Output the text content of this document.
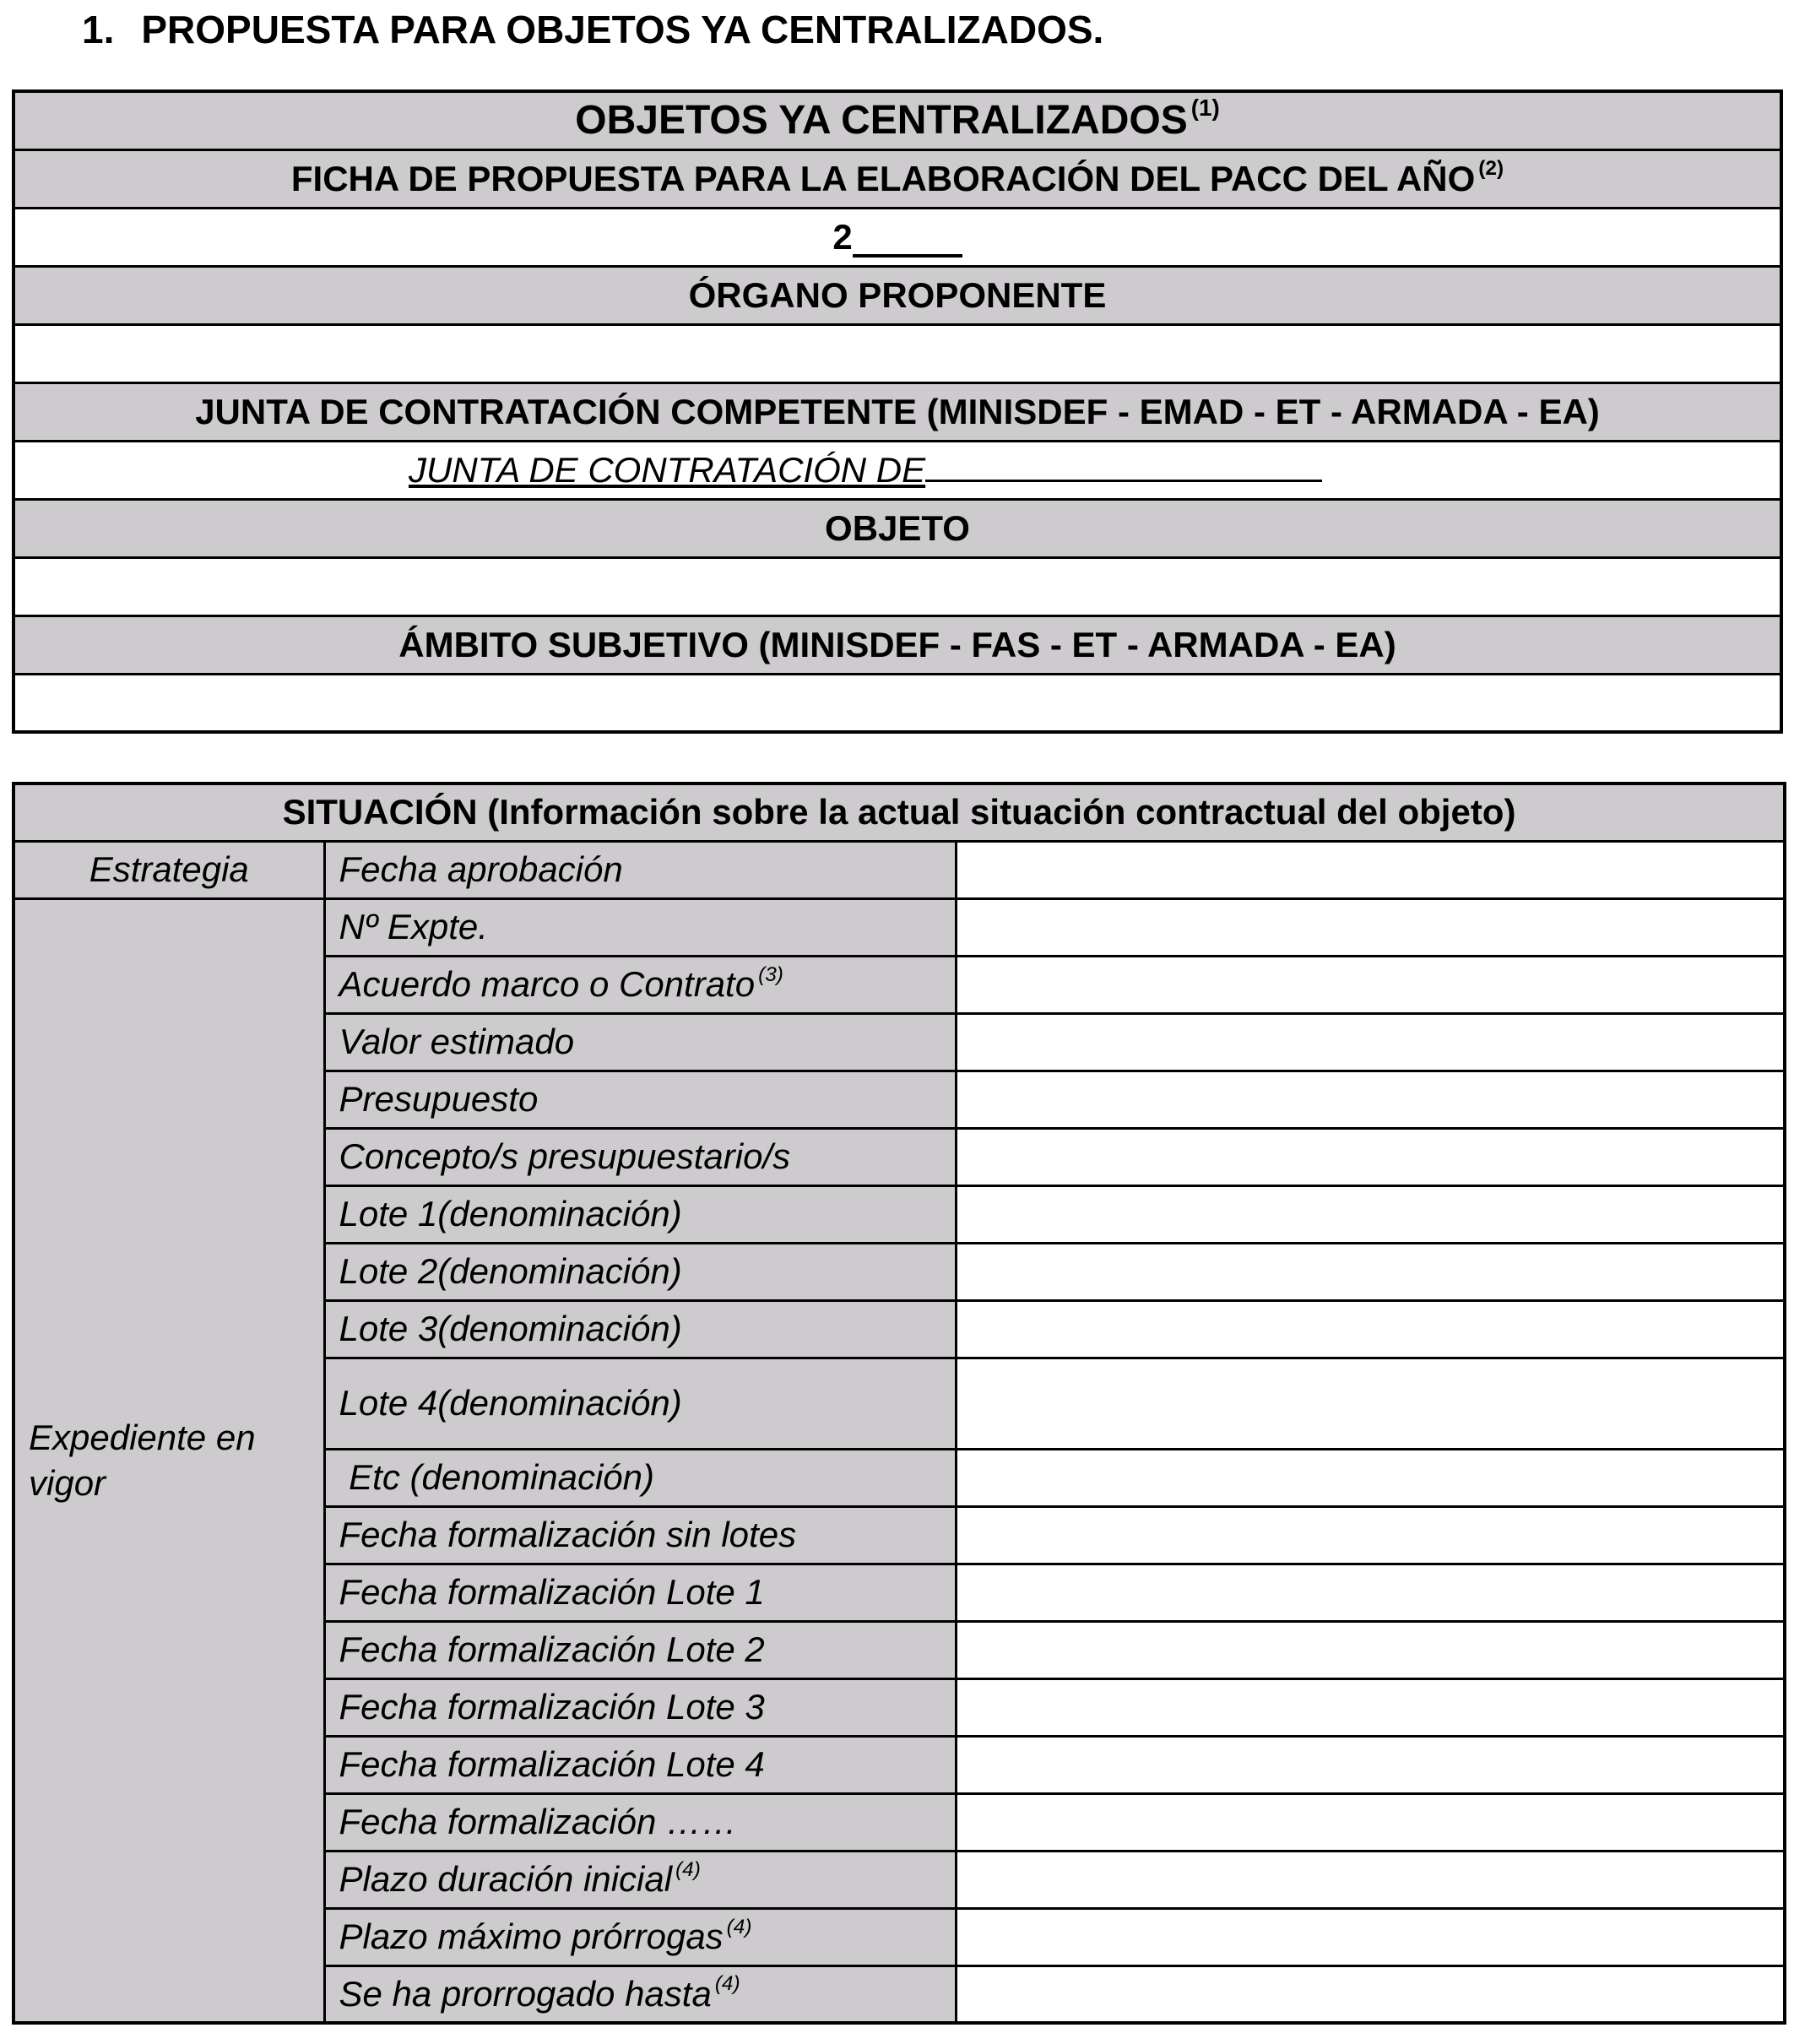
1. PROPUESTA PARA OBJETOS YA CENTRALIZADOS.
OBJETOS YA CENTRALIZADOS $^{(1)}$
FICHA DE PROPUESTA PARA LA ELABORACIÓN DEL PACC DEL AÑO $^{(2)}$
2
ÓRGANO PROPONENTE

JUNTA DE CONTRATACIÓN COMPETENTE (MINISDEF - EMAD - ET - ARMADA - EA)
JUNTA DE CONTRATACIÓN DE
OBJETO

ÁMBITO SUBJETIVO (MINISDEF - FAS - ET - ARMADA - EA)

SITUACIÓN (Información sobre la actual situación contractual del objeto)		
Estrategia	Fecha aprobación	
Expediente en vigor	Nº Expte.	
	Acuerdo marco o Contrato $^{(3)}$	
	Valor estimado	
	Presupuesto	
	Concepto/s presupuestario/s	
	Lote 1(denominación)	
	Lote 2(denominación)	
	Lote 3(denominación)	
	Lote 4(denominación)	
	Etc (denominación)	
	Fecha formalización sin lotes	
	Fecha formalización Lote 1	
	Fecha formalización Lote 2	
	Fecha formalización Lote 3	
	Fecha formalización Lote 4	
	Fecha formalización ……	
	Plazo duración inicial $^{(4)}$	
	Plazo máximo prórrogas $^{(4)}$	
	Se ha prorrogado hasta $^{(4)}$	
